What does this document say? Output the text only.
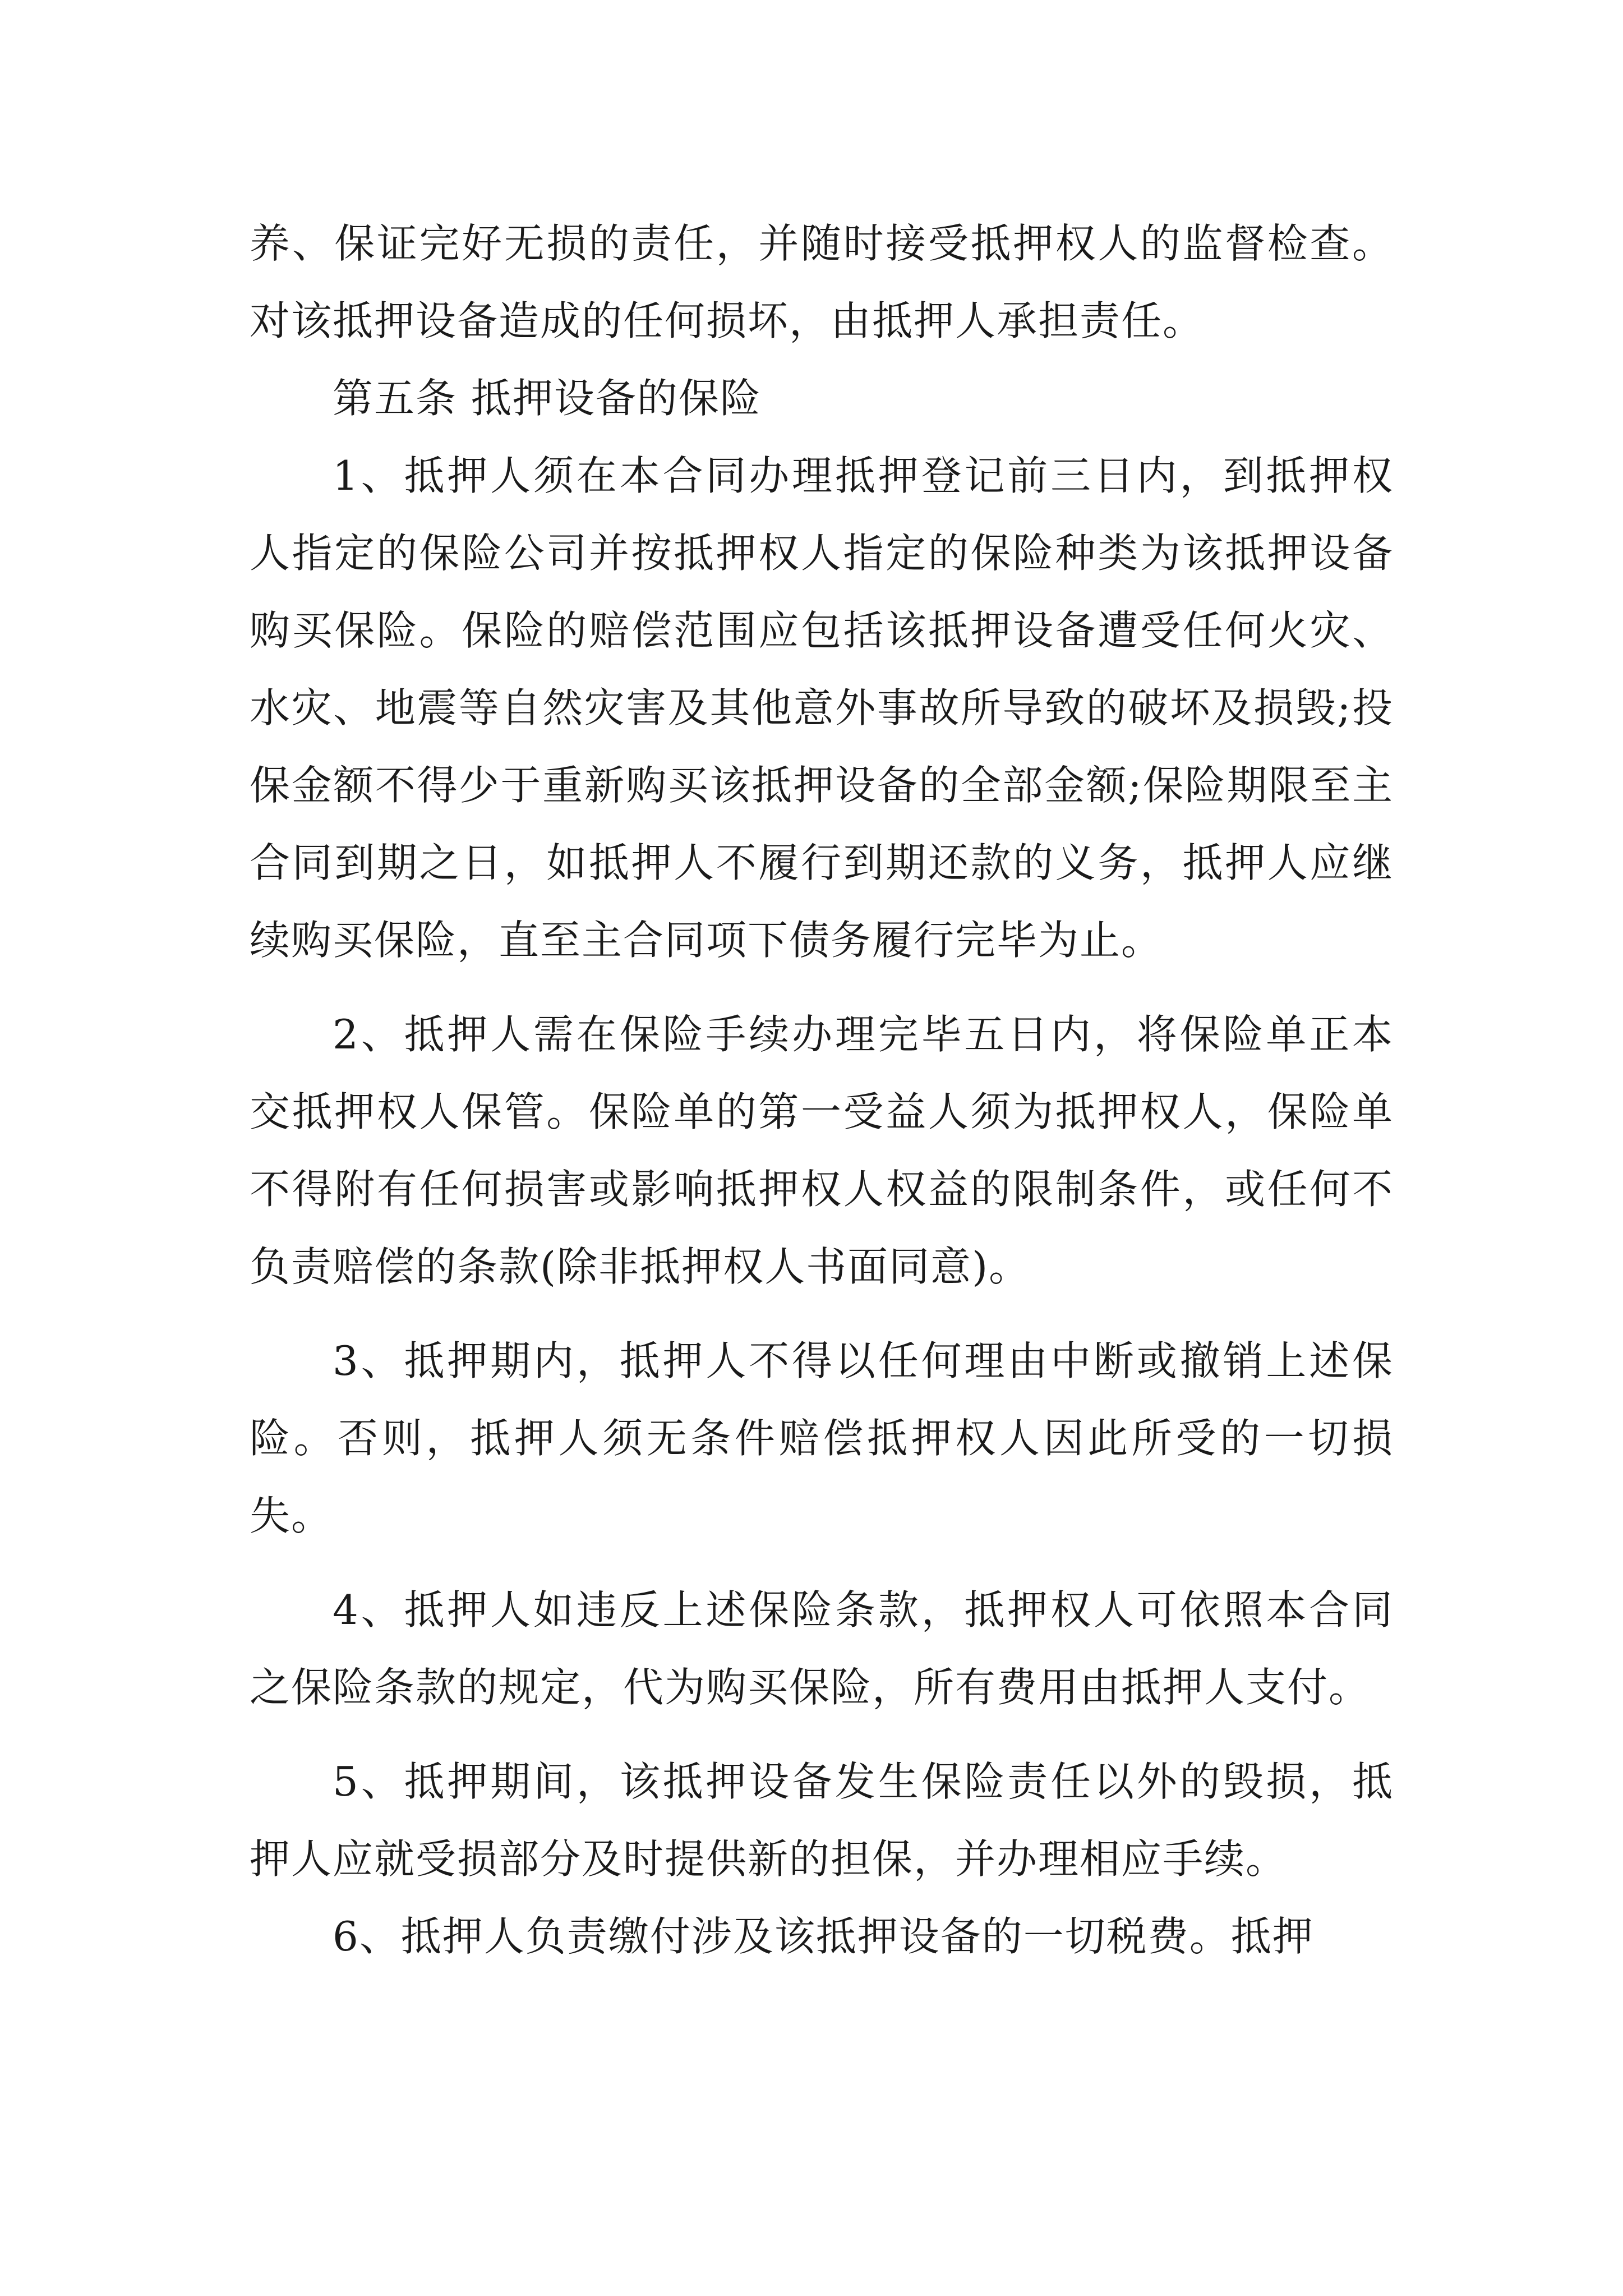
养、保证完好无损的责任，并随时接受抵押权人的监督检查。对该抵押设备造成的任何损坏，由抵押人承担责任。

第五条 抵押设备的保险

1、抵押人须在本合同办理抵押登记前三日内，到抵押权人指定的保险公司并按抵押权人指定的保险种类为该抵押设备购买保险。保险的赔偿范围应包括该抵押设备遭受任何火灾、水灾、地震等自然灾害及其他意外事故所导致的破坏及损毁;投保金额不得少于重新购买该抵押设备的全部金额;保险期限至主合同到期之日，如抵押人不履行到期还款的义务，抵押人应继续购买保险，直至主合同项下债务履行完毕为止。

2、抵押人需在保险手续办理完毕五日内，将保险单正本交抵押权人保管。保险单的第一受益人须为抵押权人，保险单不得附有任何损害或影响抵押权人权益的限制条件，或任何不负责赔偿的条款(除非抵押权人书面同意)。

3、抵押期内，抵押人不得以任何理由中断或撤销上述保险。否则，抵押人须无条件赔偿抵押权人因此所受的一切损失。

4、抵押人如违反上述保险条款，抵押权人可依照本合同之保险条款的规定，代为购买保险，所有费用由抵押人支付。

5、抵押期间，该抵押设备发生保险责任以外的毁损，抵押人应就受损部分及时提供新的担保，并办理相应手续。

6、抵押人负责缴付涉及该抵押设备的一切税费。抵押
